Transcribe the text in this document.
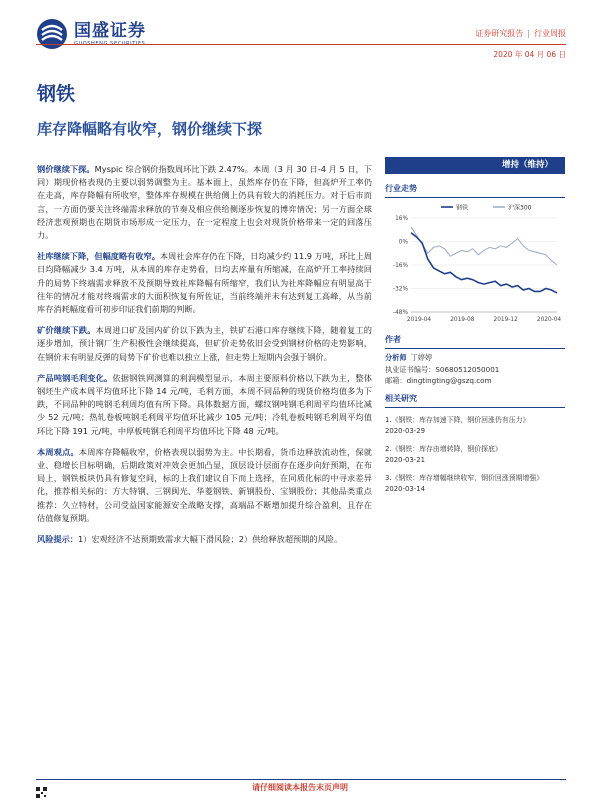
国盛证券	证券研究报告 | 行业周报
2020 年 04 月 06 日
钢铁
库存降幅略有收窄，钢价继续下探

钢价继续下探。Myspic 综合钢价指数周环比下跌 2.47%。本周（3 月 30 日-4 月 5 日，下同）期现价格表现仍主要以弱势调整为主。基本面上，虽然库存仍在下降，但高炉开工率仍在走高，库存降幅有所收窄，整体库存规模在供给侧上仍具有较大的消耗压力。对于后市而言，一方面仍要关注终端需求释放的节奏及相应供给侧逐步恢复的博弈情况；另一方面全球经济悲观预期也在期货市场形成一定压力，在一定程度上也会对现货价格带来一定的回落压力。

社库继续下降，但幅度略有收窄。本周社会库存仍在下降，日均减少约 11.9 万吨，环比上周日均降幅减少 3.4 万吨，从本周的库存走势看，日均去库量有所缩减，在高炉开工率持续回升的局势下终端需求释放不及预期导致社库降幅有所缩窄，我们认为社库降幅应有明显高于往年的情况才能对终端需求的大面积恢复有所佐证，当前终端并未有达到复工高峰，从当前库存消耗幅度看可初步印证我们前期的判断。

矿价继续下跌。本周进口矿及国内矿价以下跌为主，铁矿石港口库存继续下降，随着复工的逐步增加，预计钢厂生产积极性会继续提高，但矿价走势依旧会受到钢材价格的走势影响，在钢价未有明显反弹的局势下矿价也难以独立上涨，但走势上短期内会强于钢价。

产品吨钢毛利变化。依据钢铁网测算的利润模型显示，本周主要原料价格以下跌为主，整体钢坯生产成本周平均值环比下降 14 元/吨，毛利方面，本周不同品种的现货价格均值多为下跌，不同品种的吨钢毛利周均值有所下降。具体数据方面，螺纹钢吨钢毛利周平均值环比减少 52 元/吨；热轧卷板吨钢毛利周平均值环比减少 105 元/吨；冷轧卷板吨钢毛利周平均值环比下降 191 元/吨，中厚板吨钢毛利周平均值环比下降 48 元/吨。

本周观点。本周库存降幅收窄，价格表现以弱势为主。中长期看，货币边释放流动性，保就业、稳增长目标明确，后期政策对冲效会更加凸显，顶层设计层面存在逐步向好预期，在布局上，钢铁板块仍具有修复空间，标的上我们建议自下而上选择，在同质化标的中寻求差异化，推荐相关标的：方大特钢、三钢闽光、华菱钢铁、新钢股份、宝钢股份；其他品类重点推荐：久立特材，公司受益国家能源安全战略支撑，高端品不断增加提升综合盈利，且存在估值修复预期。

风险提示：1）宏观经济不达预期致需求大幅下滑风险；2）供给释放超预期的风险。

增持（维持）
行业走势
钢铁	沪深300
16%
0%
-16%
-32%
-48%
2019-04	2019-08	2019-12	2020-04
作者
分析师 丁婷婷
执业证书编号：S0680512050001
邮箱：dingtingting@gszq.com
相关研究
1.《钢铁：库存加速下降，钢价回涨仍有压力》
2020-03-29
2.《钢铁：库存由增转降，钢价探底》
2020-03-21
3.《钢铁：库存增幅继续收窄，钢价回涨预期增强》
2020-03-14
请仔细阅读本报告末页声明
